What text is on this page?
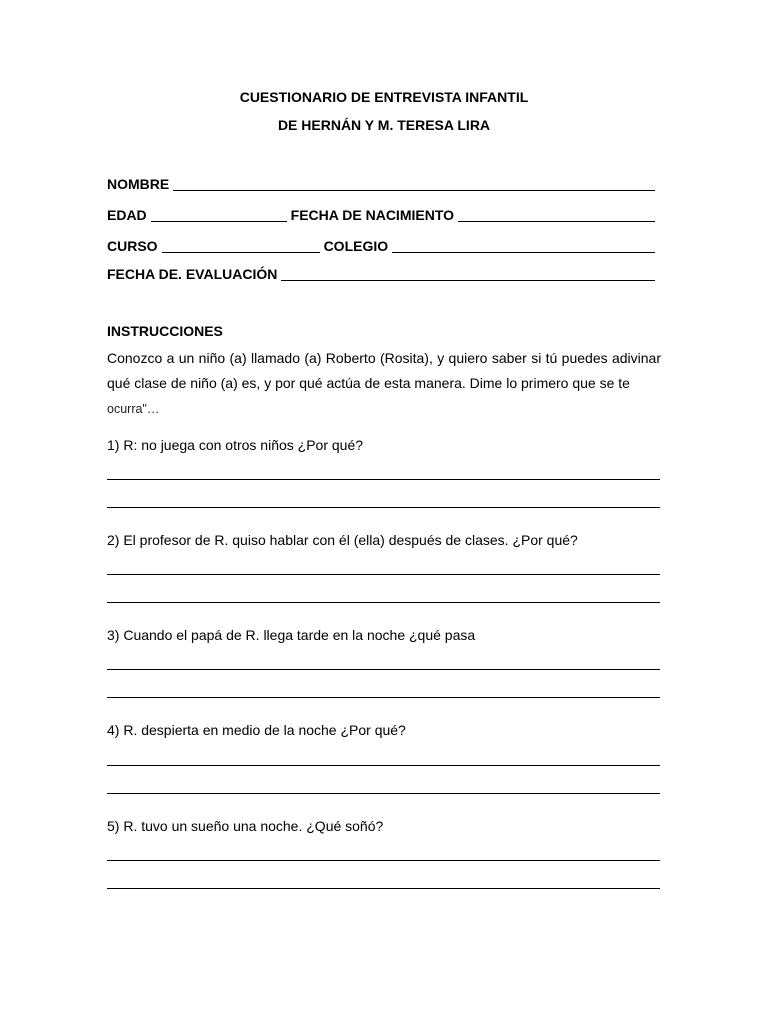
CUESTIONARIO DE ENTREVISTA INFANTIL
DE HERNÁN Y M. TERESA LIRA
NOMBRE
EDAD	FECHA DE NACIMIENTO
CURSO	COLEGIO
FECHA DE. EVALUACIÓN
INSTRUCCIONES
Conozco a un niño (a) llamado (a) Roberto (Rosita), y quiero saber si tú puedes adivinar qué clase de niño (a) es, y por qué actúa de esta manera. Dime lo primero que se te
ocurra"…
1) R: no juega con otros niños ¿Por qué?
2) El profesor de R. quiso hablar con él (ella) después de clases. ¿Por qué?
3) Cuando el papá de R. llega tarde en la noche ¿qué pasa
4) R. despierta en medio de la noche ¿Por qué?
5) R. tuvo un sueño una noche. ¿Qué soñó?
